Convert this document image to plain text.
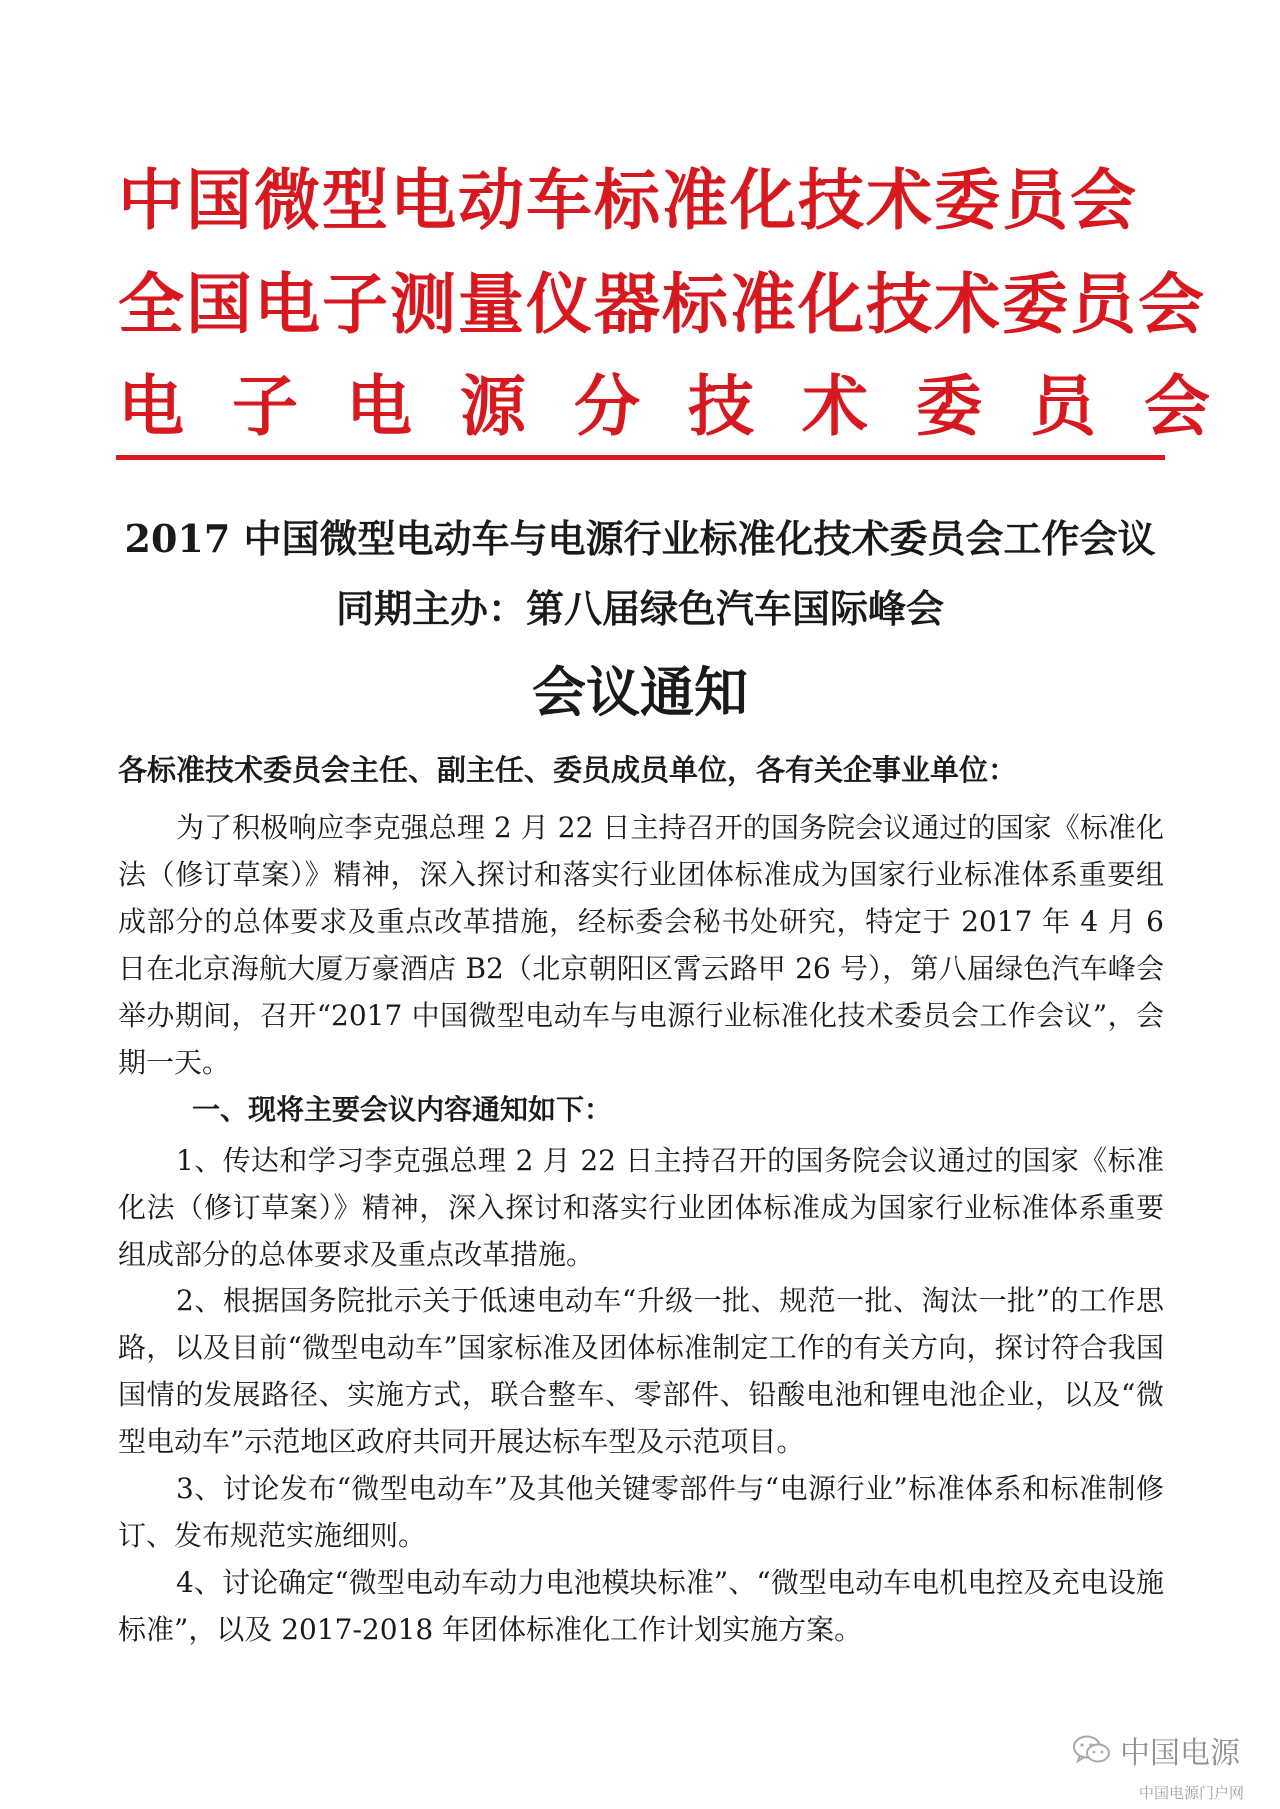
中国微型电动车标准化技术委员会
全国电子测量仪器标准化技术委员会
电子电源分技术委员会
2017 中国微型电动车与电源行业标准化技术委员会工作会议
同期主办：第八届绿色汽车国际峰会
会议通知
各标准技术委员会主任、副主任、委员成员单位，各有关企事业单位：

为了积极响应李克强总理 2 月 22 日主持召开的国务院会议通过的国家《标准化法（修订草案）》精神，深入探讨和落实行业团体标准成为国家行业标准体系重要组成部分的总体要求及重点改革措施，经标委会秘书处研究，特定于 2017 年 4 月 6 日在北京海航大厦万豪酒店 B2（北京朝阳区霄云路甲 26 号），第八届绿色汽车峰会举办期间，召开“2017 中国微型电动车与电源行业标准化技术委员会工作会议”，会期一天。

一、现将主要会议内容通知如下：

1、传达和学习李克强总理 2 月 22 日主持召开的国务院会议通过的国家《标准化法（修订草案）》精神，深入探讨和落实行业团体标准成为国家行业标准体系重要组成部分的总体要求及重点改革措施。

2、根据国务院批示关于低速电动车“升级一批、规范一批、淘汰一批”的工作思路，以及目前“微型电动车”国家标准及团体标准制定工作的有关方向，探讨符合我国国情的发展路径、实施方式，联合整车、零部件、铅酸电池和锂电池企业，以及“微型电动车”示范地区政府共同开展达标车型及示范项目。

3、讨论发布“微型电动车”及其他关键零部件与“电源行业”标准体系和标准制修订、发布规范实施细则。

4、讨论确定“微型电动车动力电池模块标准”、“微型电动车电机电控及充电设施标准”，以及 2017-2018 年团体标准化工作计划实施方案。

中国电源
中国电源门户网
